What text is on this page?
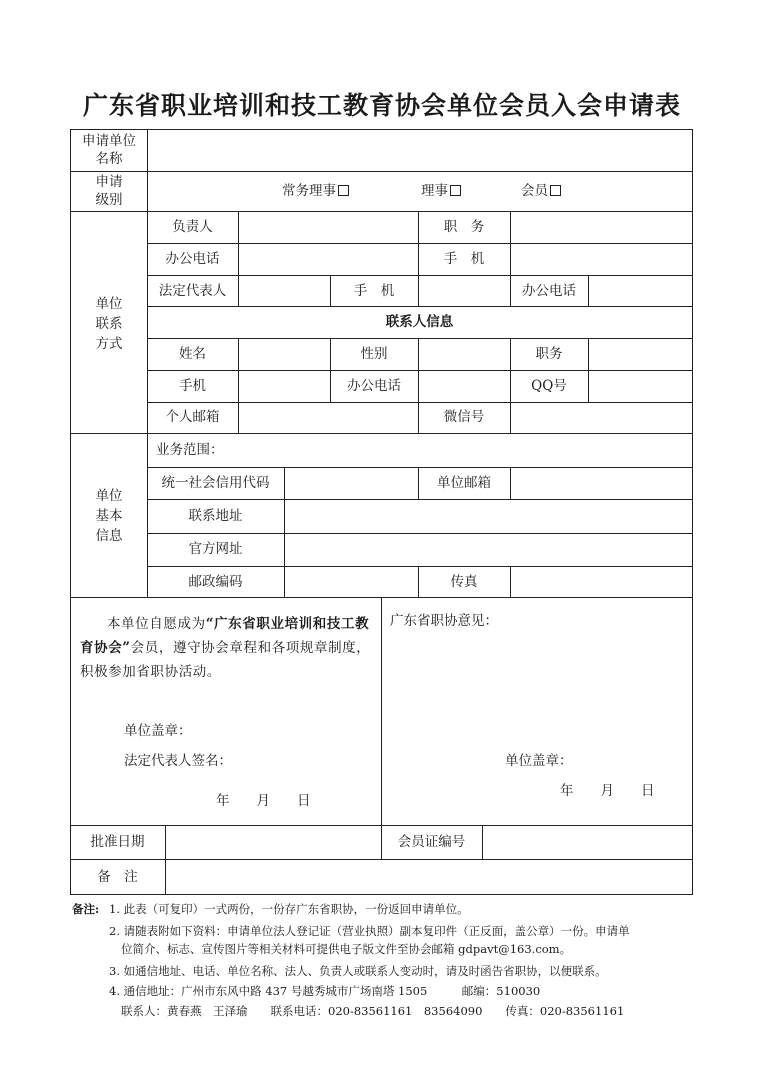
广东省职业培训和技工教育协会单位会员入会申请表
申请单位
名称
申请
级别
常务理事	理事	会员
单位
联系
方式
负责人	职　务
办公电话	手　机
法定代表人	手　机	办公电话
联系人信息
姓名	性别	职务
手机	办公电话	QQ号
个人邮箱	微信号
单位
基本
信息
业务范围：
统一社会信用代码	单位邮箱
联系地址
官方网址
邮政编码	传真
本单位自愿成为“广东省职业培训和技工教育协会”会员，遵守协会章程和各项规章制度，积极参加省职协活动。
单位盖章：
法定代表人签名：
年　　月　　日
广东省职协意见：
单位盖章：
年　　月　　日
批准日期	会员证编号
备　注
备注: 1. 此表（可复印）一式两份，一份存广东省职协，一份返回申请单位。
2. 请随表附如下资料：申请单位法人登记证（营业执照）副本复印件（正反面，盖公章）一份。申请单
位简介、标志、宣传图片等相关材料可提供电子版文件至协会邮箱 gdpavt@163.com。
3. 如通信地址、电话、单位名称、法人、负责人或联系人变动时，请及时函告省职协，以便联系。
4. 通信地址：广州市东风中路 437 号越秀城市广场南塔 1505　　　邮编：510030
联系人：黄春燕　王泽瑜　　联系电话：020-83561161　83564090　　传真：020-83561161
